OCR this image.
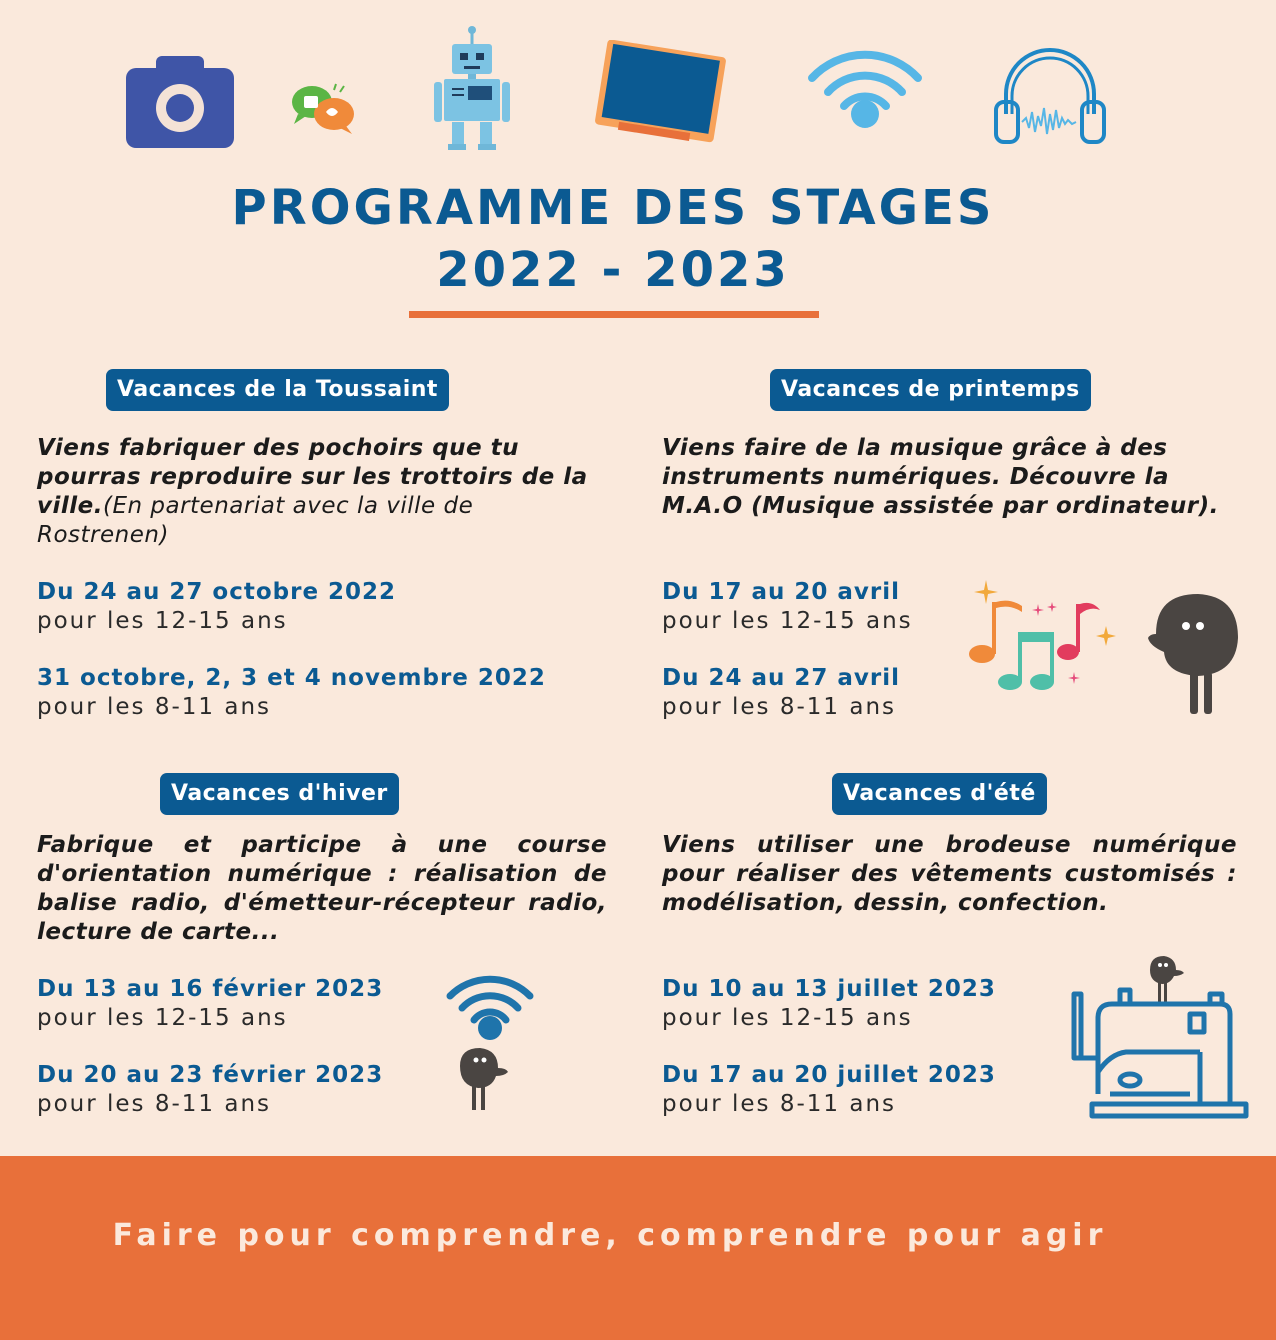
PROGRAMME DES STAGES
2022 - 2023
Vacances de la Toussaint
Viens fabriquer des pochoirs que tu pourras reproduire sur les trottoirs de la ville.(En partenariat avec la ville de Rostrenen)
Du 24 au 27 octobre 2022
pour les 12-15 ans
31 octobre, 2, 3 et 4 novembre 2022
pour les 8-11 ans
Vacances de printemps
Viens faire de la musique grâce à des instruments numériques. Découvre la M.A.O (Musique assistée par ordinateur).
Du 17 au 20 avril
pour les 12-15 ans
Du 24 au 27 avril
pour les 8-11 ans
Vacances d'hiver
Fabrique et participe à une course d'orientation numérique : réalisation de balise radio, d'émetteur-récepteur radio, lecture de carte...
Du 13 au 16 février 2023
pour les 12-15 ans
Du 20 au 23 février 2023
pour les 8-11 ans
Vacances d'été
Viens utiliser une brodeuse numérique pour réaliser des vêtements customisés : modélisation, dessin, confection.
Du 10 au 13 juillet 2023
pour les 12-15 ans
Du 17 au 20 juillet 2023
pour les 8-11 ans
Faire pour comprendre, comprendre pour agir
